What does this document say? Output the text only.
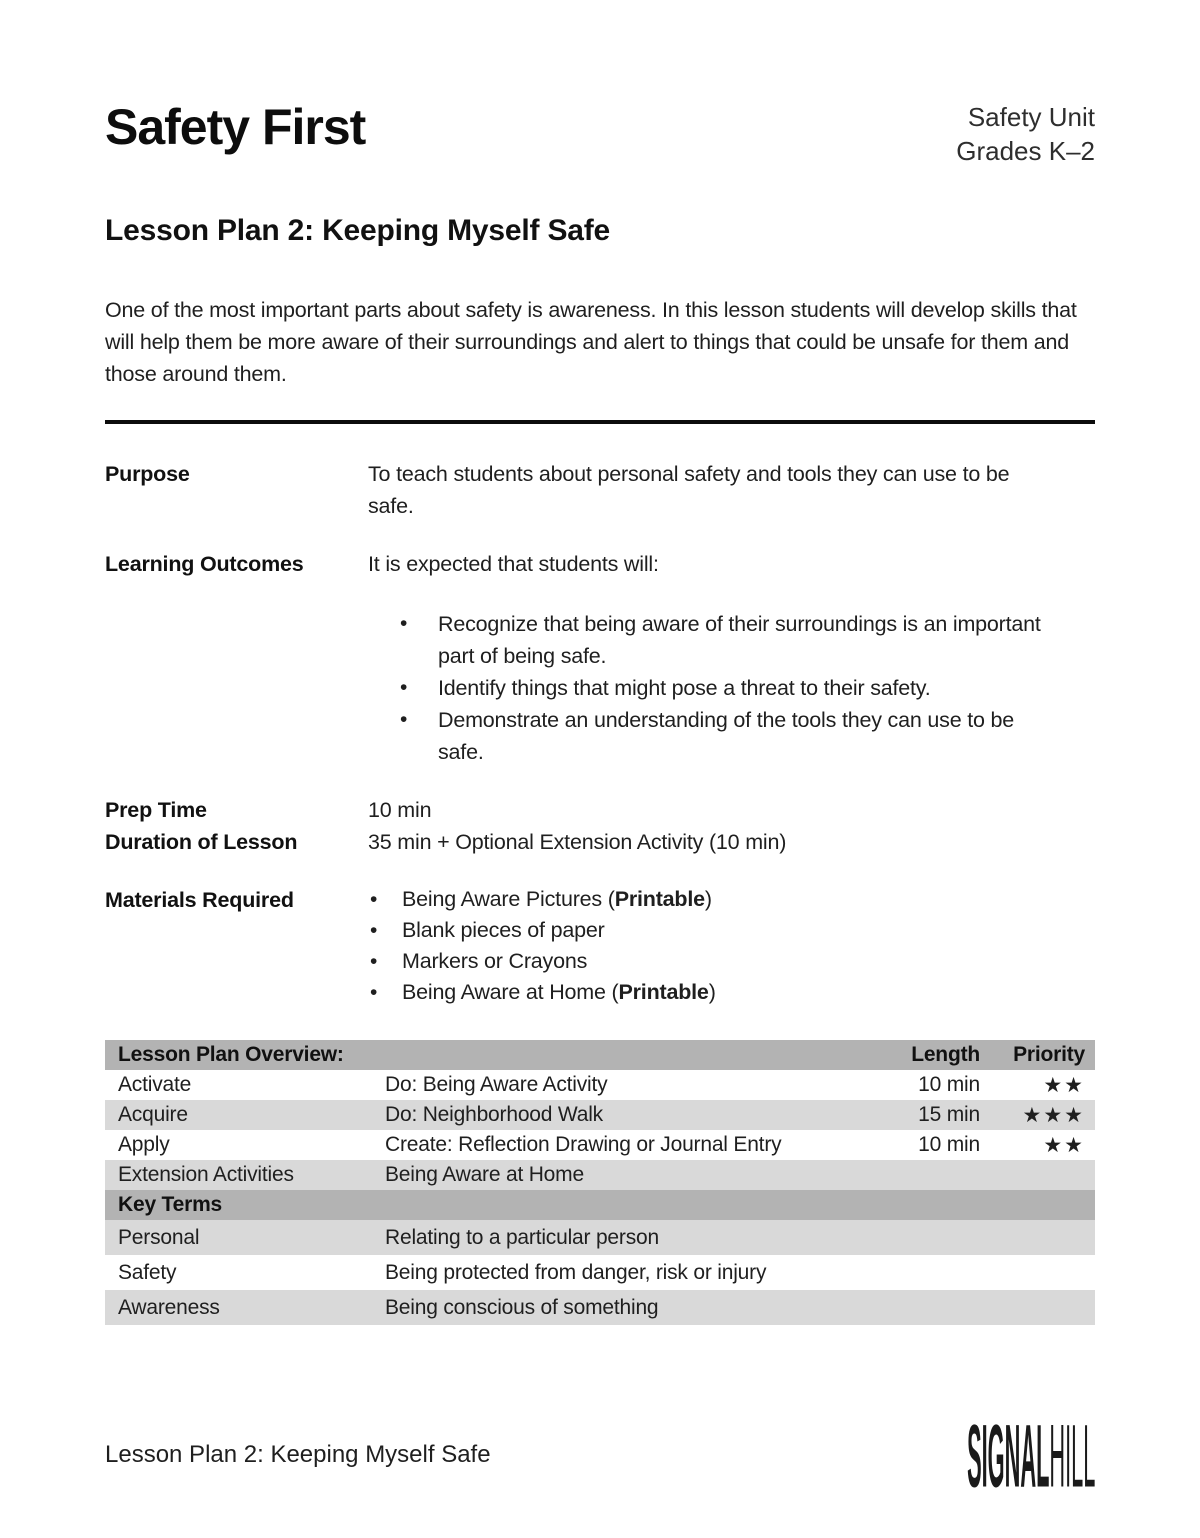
Safety First	Safety Unit
Grades K–2
Lesson Plan 2: Keeping Myself Safe
One of the most important parts about safety is awareness. In this lesson students will develop skills that will help them be more aware of their surroundings and alert to things that could be unsafe for them and those around them.
Purpose	To teach students about personal safety and tools they can use to be safe.
Learning Outcomes	It is expected that students will:
• Recognize that being aware of their surroundings is an important part of being safe.
• Identify things that might pose a threat to their safety.
• Demonstrate an understanding of the tools they can use to be safe.
Prep Time	10 min
Duration of Lesson	35 min + Optional Extension Activity (10 min)
Materials Required	• Being Aware Pictures (Printable)
• Blank pieces of paper
• Markers or Crayons
• Being Aware at Home (Printable)
Lesson Plan Overview:		Length	Priority
Activate	Do: Being Aware Activity	10 min	★★
Acquire	Do: Neighborhood Walk	15 min	★★★
Apply	Create: Reflection Drawing or Journal Entry	10 min	★★
Extension Activities	Being Aware at Home		
Key Terms			
Personal	Relating to a particular person		
Safety	Being protected from danger, risk or injury		
Awareness	Being conscious of something		
Lesson Plan 2: Keeping Myself Safe	SIGNALHILL
